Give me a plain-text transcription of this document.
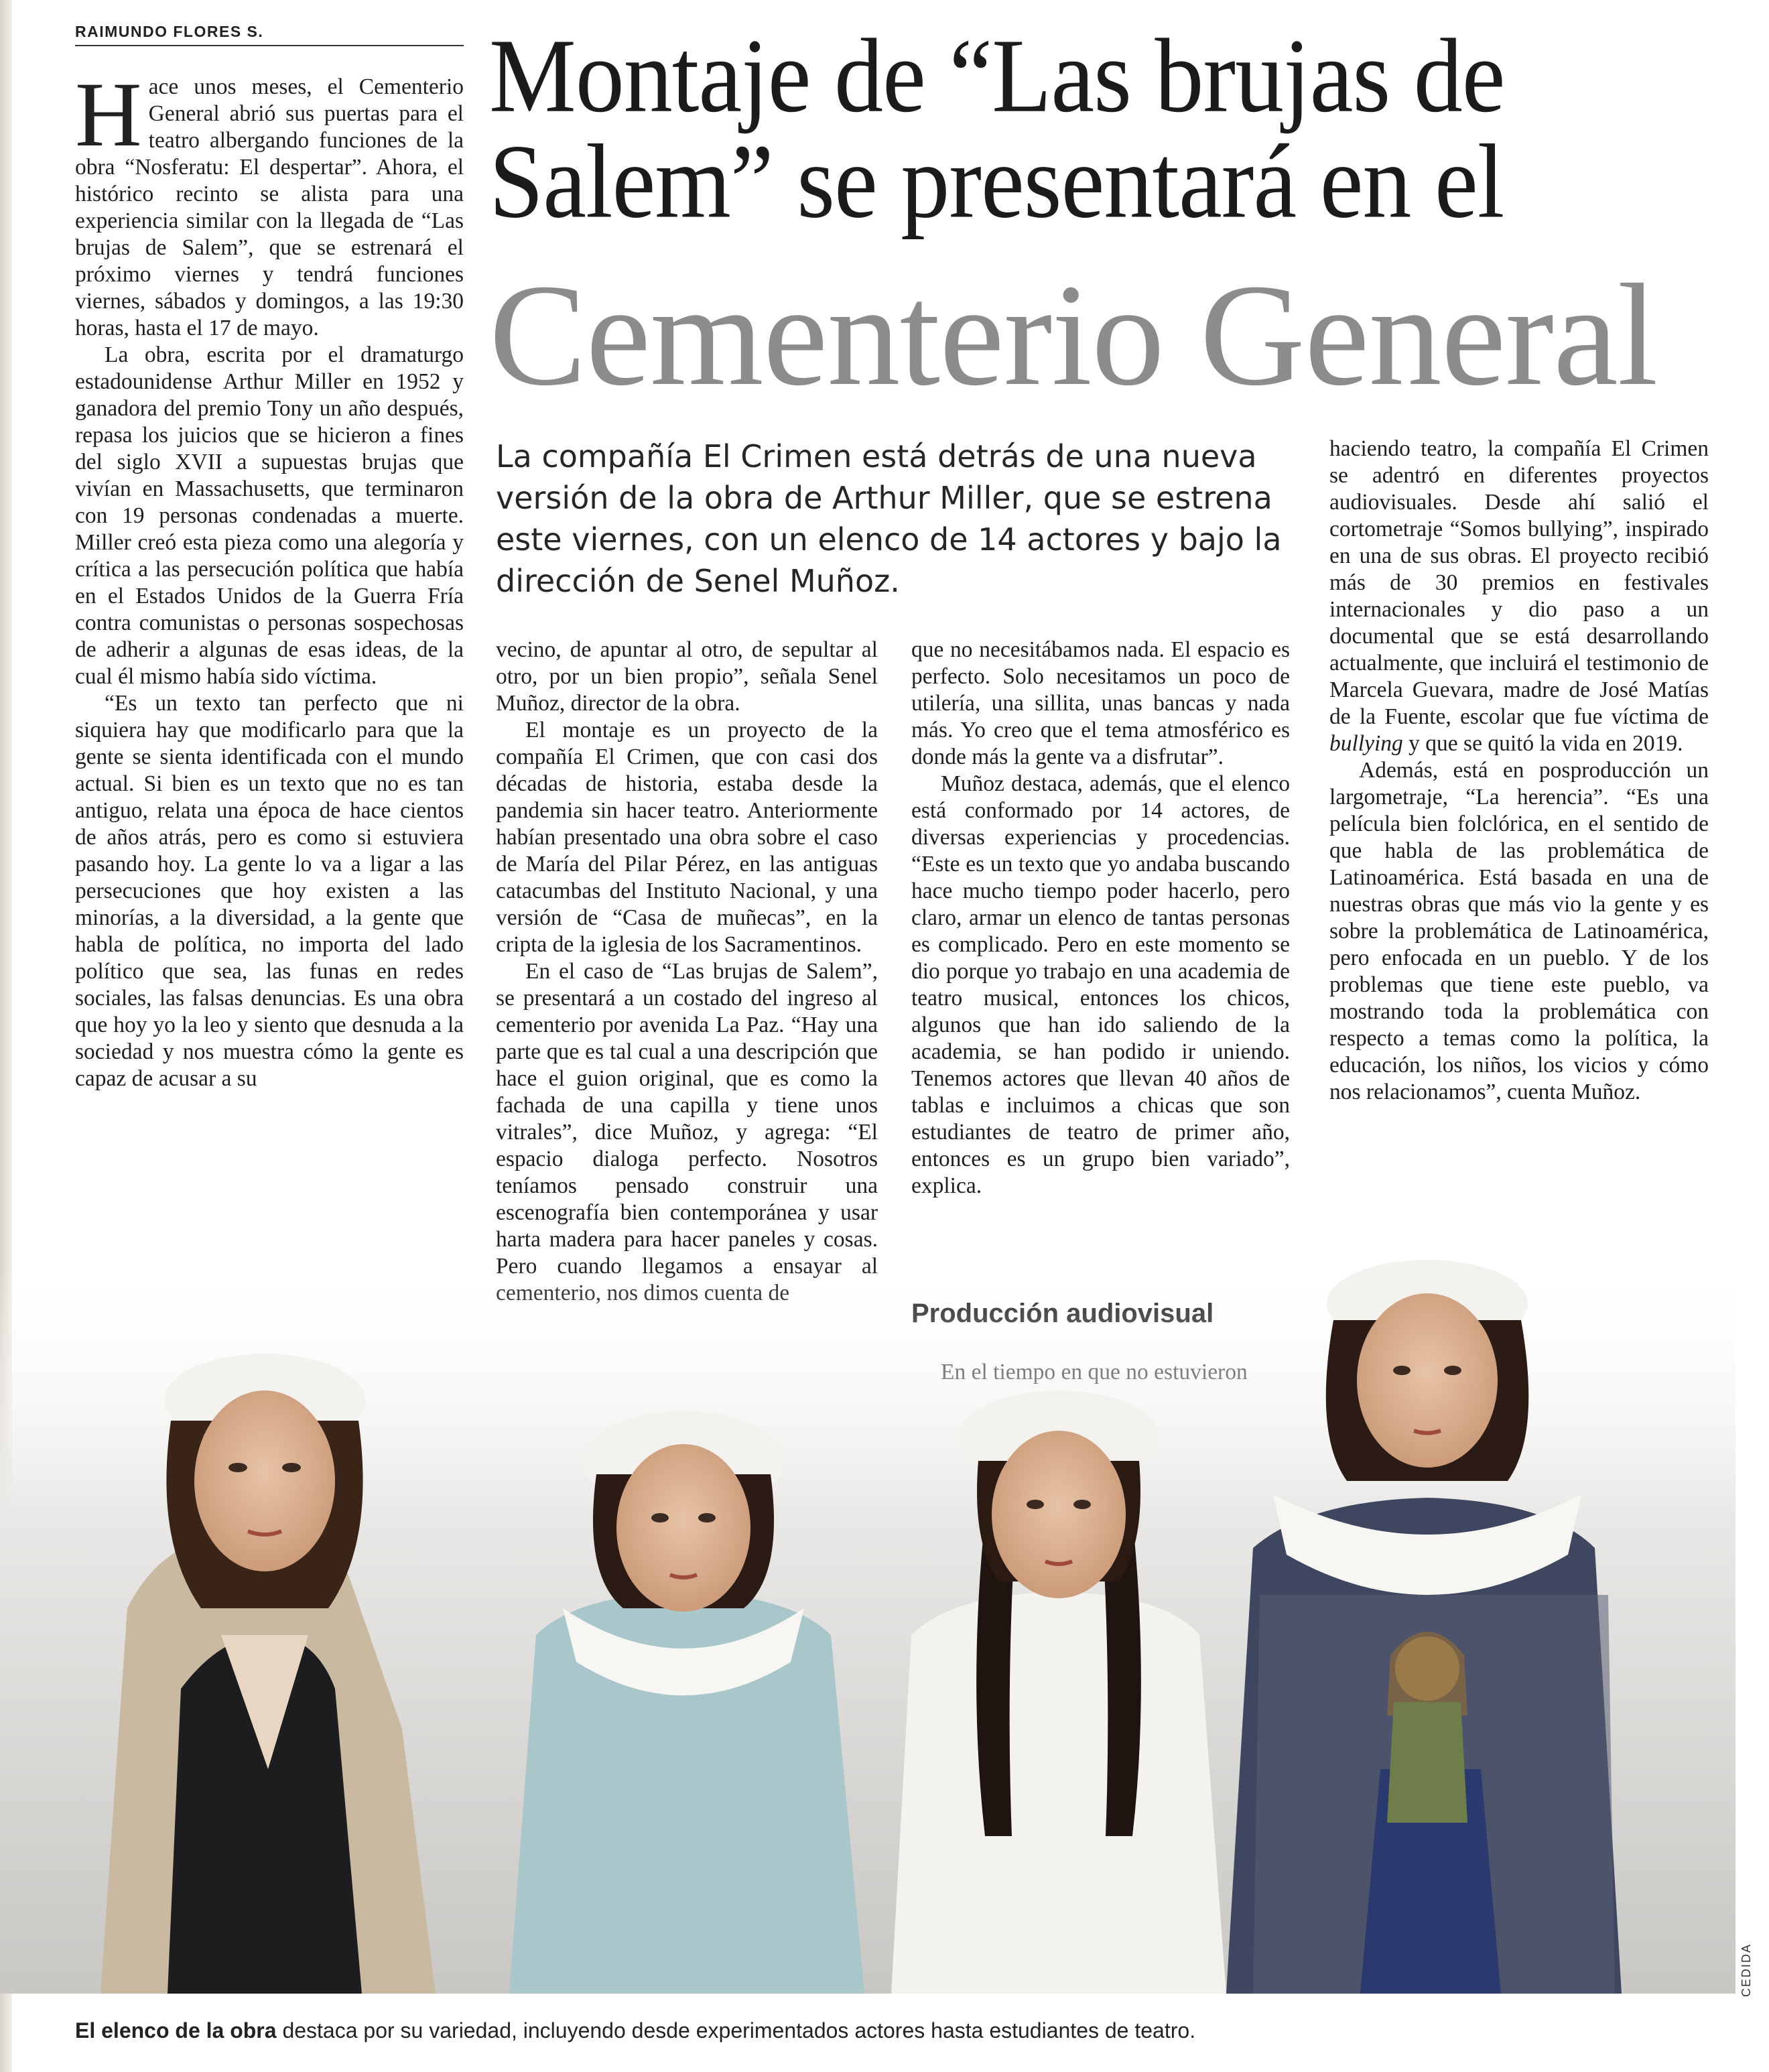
RAIMUNDO FLORES S.	Montaje de “Las brujas de
Salem” se presentará en el
Cementerio General
La compañía El Crimen está detrás de una nueva versión de la obra de Arthur Miller, que se estrena este viernes, con un elenco de 14 actores y bajo la dirección de Senel Muñoz.

Hace unos meses, el Cementerio General abrió sus puertas para el teatro albergando funciones de la obra “Nosferatu: El despertar”. Ahora, el histórico recinto se alista para una experiencia similar con la llegada de “Las brujas de Salem”, que se estrenará el próximo viernes y tendrá funciones viernes, sábados y domingos, a las 19:30 horas, hasta el 17 de mayo.

La obra, escrita por el dramaturgo estadounidense Arthur Miller en 1952 y ganadora del premio Tony un año después, repasa los juicios que se hicieron a fines del siglo XVII a supuestas brujas que vivían en Massachusetts, que terminaron con 19 personas condenadas a muerte. Miller creó esta pieza como una alegoría y crítica a las persecución política que había en el Estados Unidos de la Guerra Fría contra comunistas o personas sospechosas de adherir a algunas de esas ideas, de la cual él mismo había sido víctima.

“Es un texto tan perfecto que ni siquiera hay que modificarlo para que la gente se sienta identificada con el mundo actual. Si bien es un texto que no es tan antiguo, relata una época de hace cientos de años atrás, pero es como si estuviera pasando hoy. La gente lo va a ligar a las persecuciones que hoy existen a las minorías, a la diversidad, a la gente que habla de política, no importa del lado político que sea, las funas en redes sociales, las falsas denuncias. Es una obra que hoy yo la leo y siento que desnuda a la sociedad y nos muestra cómo la gente es capaz de acusar a su

vecino, de apuntar al otro, de sepultar al otro, por un bien propio”, señala Senel Muñoz, director de la obra.

El montaje es un proyecto de la compañía El Crimen, que con casi dos décadas de historia, estaba desde la pandemia sin hacer teatro. Anteriormente habían presentado una obra sobre el caso de María del Pilar Pérez, en las antiguas catacumbas del Instituto Nacional, y una versión de “Casa de muñecas”, en la cripta de la iglesia de los Sacramentinos.

En el caso de “Las brujas de Salem”, se presentará a un costado del ingreso al cementerio por avenida La Paz. “Hay una parte que es tal cual a una descripción que hace el guion original, que es como la fachada de una capilla y tiene unos vitrales”, dice Muñoz, y agrega: “El espacio dialoga perfecto. Nosotros teníamos pensado construir una escenografía bien contemporánea y usar harta madera para hacer paneles y cosas.

que no necesitábamos nada. El espacio es perfecto. Solo necesitamos un poco de utilería, una sillita, unas bancas y nada más. Yo creo que el tema atmosférico es donde más la gente va a disfrutar”.

Muñoz destaca, además, que el elenco está conformado por 14 actores, de diversas experiencias y procedencias. “Este es un texto que yo andaba buscando hace mucho tiempo poder hacerlo, pero claro, armar un elenco de tantas personas es complicado. Pero en este momento se dio porque yo trabajo en una academia de teatro musical, entonces los chicos, algunos que han ido saliendo de la academia, se han podido ir uniendo. Tenemos actores que llevan 40 años de tablas e incluimos a chicas que son estudiantes de teatro de primer año, entonces es un grupo bien variado”, explica.

haciendo teatro, la compañía El Crimen se adentró en diferentes proyectos audiovisuales. Desde ahí salió el cortometraje “Somos bullying”, inspirado en una de sus obras. El proyecto recibió más de 30 premios en festivales internacionales y dio paso a un documental que se está desarrollando actualmente, que incluirá el testimonio de Marcela Guevara, madre de José Matías de la Fuente, escolar que fue víctima de bullying y que se quitó la vida en 2019.

Además, está en posproducción un largometraje, “La herencia”. “Es una película bien folclórica, en el sentido de que habla de las problemática de Latinoamérica. Está basada en una de nuestras obras que más vio la gente y es sobre la problemática de Latinoamérica, pero enfocada en un pueblo. Y de los problemas que tiene este pueblo, va mostrando toda la problemática con respecto a temas como la política, la educación, los niños, los vicios y cómo nos relacionamos”, cuenta Muñoz.

CEDIDA
El elenco de la obra destaca por su variedad, incluyendo desde experimentados actores hasta estudiantes de teatro.
